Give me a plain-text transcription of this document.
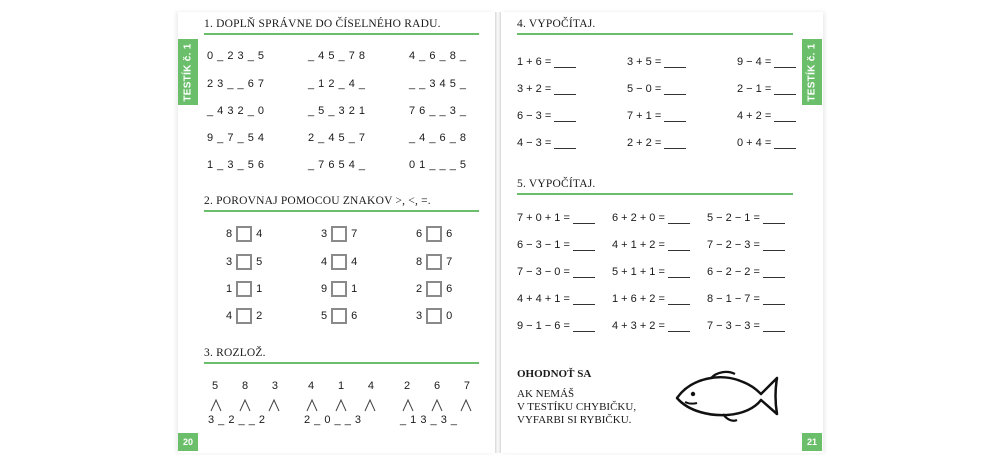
TESTÍK č. 1
20
1. DOPLŇ SPRÁVNE DO ČÍSELNÉHO RADU.
0 _ 2 3 _ 5	_ 4 5 _ 7 8	4 _ 6 _ 8 _
2 3 _ _ 6 7	_ 1 2 _ 4 _	_ _ 3 4 5 _
_ 4 3 2 _ 0	_ 5 _ 3 2 1	7 6 _ _ 3 _
9 _ 7 _ 5 4	2 _ 4 5 _ 7	_ 4 _ 6 _ 8
1 _ 3 _ 5 6	_ 7 6 5 4 _	0 1 _ _ _ 5
2. POROVNAJ POMOCOU ZNAKOV >, <, =.
8 4	3 7	6 6
3 5	4 4	8 7
1 1	9 1	2 6
4 2	5 6	3 0
3. ROZLOŽ.
5	8	3
3 _ 2 _ _ 2
4	1	4
2 _ 0 _ _ 3
2	6	7
_ 1 3 _ 3 _
TESTÍK č. 1
21
4. VYPOČÍTAJ.
1 + 6 =	3 + 5 =	9 − 4 =
3 + 2 =	5 − 0 =	2 − 1 =
6 − 3 =	7 + 1 =	4 + 2 =
4 − 3 =	2 + 2 =	0 + 4 =
5. VYPOČÍTAJ.
7 + 0 + 1 =	6 + 2 + 0 =	5 − 2 − 1 =
6 − 3 − 1 =	4 + 1 + 2 =	7 − 2 − 3 =
7 − 3 − 0 =	5 + 1 + 1 =	6 − 2 − 2 =
4 + 4 + 1 =	1 + 6 + 2 =	8 − 1 − 7 =
9 − 1 − 6 =	4 + 3 + 2 =	7 − 3 − 3 =
OHODNOŤ SA
AK NEMÁŠ
V TESTÍKU CHYBIČKU,
VYFARBI SI RYBIČKU.
